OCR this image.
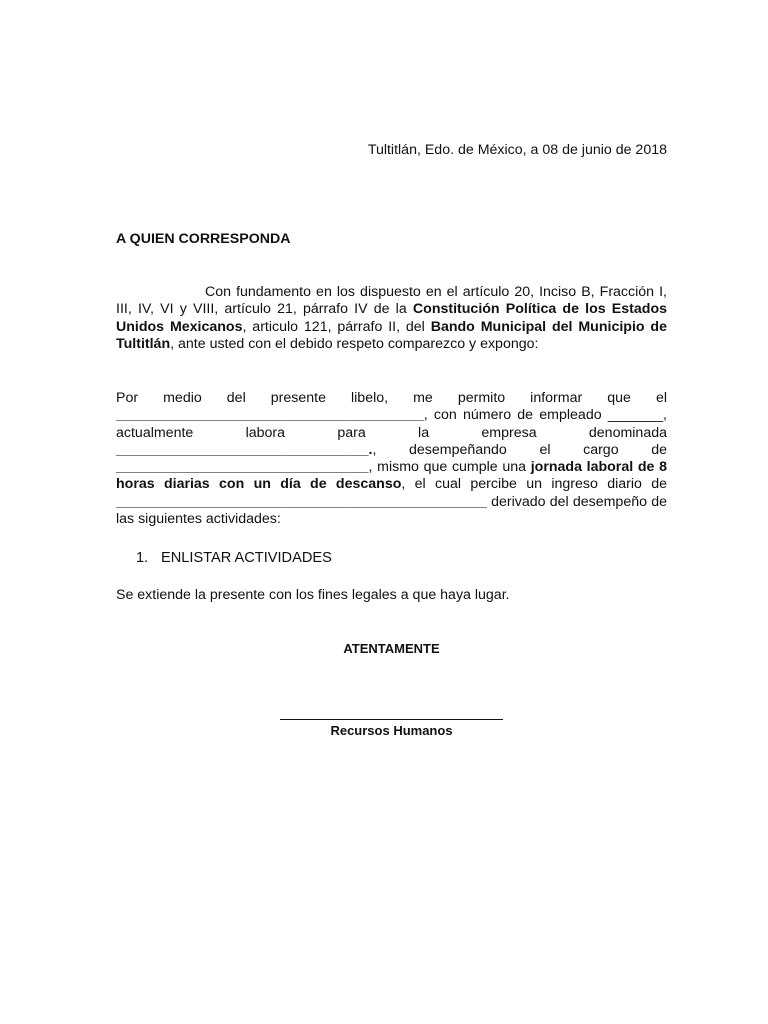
Tultitlán, Edo. de México, a 08 de junio de 2018
A QUIEN CORRESPONDA

Con fundamento en los dispuesto en el artículo 20, Inciso B, Fracción I, III, IV, VI y VIII, artículo 21, párrafo IV de la Constitución Política de los Estados Unidos Mexicanos, articulo 121, párrafo II, del Bando Municipal del Municipio de Tultitlán, ante usted con el debido respeto comparezco y expongo:

Por medio del presente libelo, me permito informar que el _______________________________________, con número de empleado _______, actualmente labora para la empresa denominada ________________________________., desempeñando el cargo de ________________________________, mismo que cumple una jornada laboral de 8 horas diarias con un día de descanso, el cual percibe un ingreso diario de _______________________________________________ derivado del desempeño de las siguientes actividades:

1. ENLISTAR ACTIVIDADES
Se extiende la presente con los fines legales a que haya lugar.
ATENTAMENTE
Recursos Humanos
